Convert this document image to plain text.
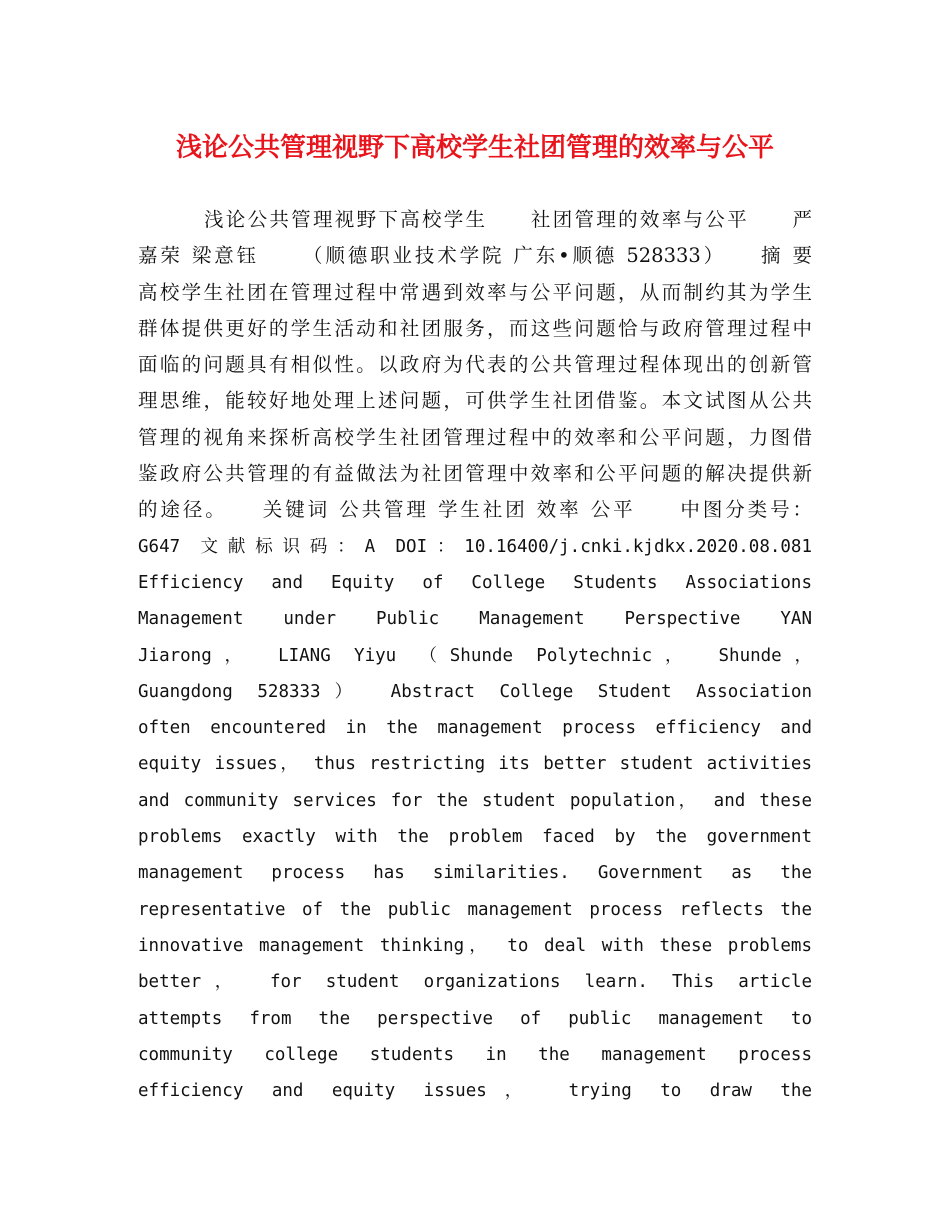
浅论公共管理视野下高校学生社团管理的效率与公平
浅论公共管理视野下高校学生　　社团管理的效率与公平　　严
嘉荣 梁意钰 　　（顺德职业技术学院 广东•顺德 528333）　　摘 要
高校学生社团在管理过程中常遇到效率与公平问题，从而制约其为学生
群体提供更好的学生活动和社团服务，而这些问题恰与政府管理过程中
面临的问题具有相似性。以政府为代表的公共管理过程体现出的创新管
理思维，能较好地处理上述问题，可供学生社团借鉴。本文试图从公共
管理的视角来探析高校学生社团管理过程中的效率和公平问题，力图借
鉴政府公共管理的有益做法为社团管理中效率和公平问题的解决提供新
的途径。　　关键词 公共管理 学生社团 效率 公平　　中图分类号：
G647 文献标识码：A DOI：10.16400/j.cnki.kjdkx.2020.08.081
Efficiency and Equity of College Students Associations
Management under Public Management Perspective YAN
Jiarong， LIANG Yiyu （Shunde Polytechnic， Shunde，
Guangdong 528333） Abstract College Student Association
often encountered in the management process efficiency and
equity issues， thus restricting its better student activities
and community services for the student population， and these
problems exactly with the problem faced by the government
management process has similarities. Government as the
representative of the public management process reflects the
innovative management thinking， to deal with these problems
better， for student organizations learn. This article
attempts from the perspective of public management to
community college students in the management process
efficiency and equity issues， trying to draw the
